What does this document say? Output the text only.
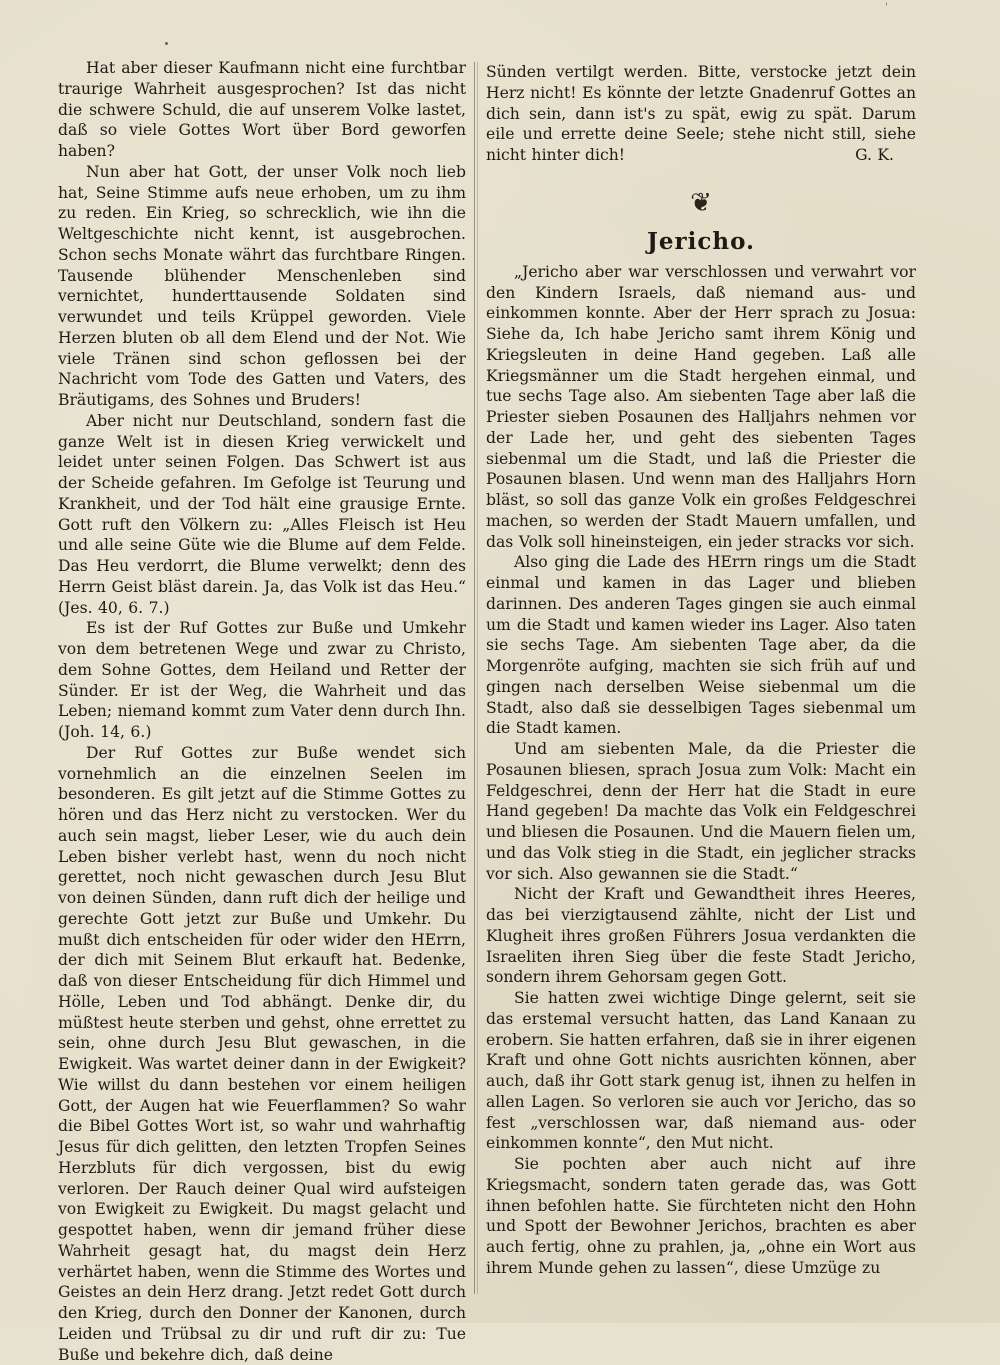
'

Hat aber dieser Kaufmann nicht eine furchtbar traurige Wahrheit ausgesprochen? Ist das nicht die schwere Schuld, die auf unserem Volke lastet, daß so viele Gottes Wort über Bord geworfen haben?

Nun aber hat Gott, der unser Volk noch lieb hat, Seine Stimme aufs neue erhoben, um zu ihm zu reden. Ein Krieg, so schrecklich, wie ihn die Weltgeschichte nicht kennt, ist ausgebrochen. Schon sechs Monate währt das furchtbare Ringen. Tausende blühender Menschenleben sind vernichtet, hunderttausende Soldaten sind verwundet und teils Krüppel geworden. Viele Herzen bluten ob all dem Elend und der Not. Wie viele Tränen sind schon geflossen bei der Nachricht vom Tode des Gatten und Vaters, des Bräutigams, des Sohnes und Bruders!

Aber nicht nur Deutschland, sondern fast die ganze Welt ist in diesen Krieg verwickelt und leidet unter seinen Folgen. Das Schwert ist aus der Scheide gefahren. Im Gefolge ist Teurung und Krankheit, und der Tod hält eine grausige Ernte. Gott ruft den Völkern zu: „Alles Fleisch ist Heu und alle seine Güte wie die Blume auf dem Felde. Das Heu verdorrt, die Blume verwelkt; denn des Herrn Geist bläst darein. Ja, das Volk ist das Heu.“ (Jes. 40, 6. 7.)

Es ist der Ruf Gottes zur Buße und Umkehr von dem betretenen Wege und zwar zu Christo, dem Sohne Gottes, dem Heiland und Retter der Sünder. Er ist der Weg, die Wahrheit und das Leben; niemand kommt zum Vater denn durch Ihn. (Joh. 14, 6.)

Der Ruf Gottes zur Buße wendet sich vornehmlich an die einzelnen Seelen im besonderen. Es gilt jetzt auf die Stimme Gottes zu hören und das Herz nicht zu verstocken. Wer du auch sein magst, lieber Leser, wie du auch dein Leben bisher verlebt hast, wenn du noch nicht gerettet, noch nicht gewaschen durch Jesu Blut von deinen Sünden, dann ruft dich der heilige und gerechte Gott jetzt zur Buße und Umkehr. Du mußt dich entscheiden für oder wider den HErrn, der dich mit Seinem Blut erkauft hat. Bedenke, daß von dieser Entscheidung für dich Himmel und Hölle, Leben und Tod abhängt. Denke dir, du müßtest heute sterben und gehst, ohne errettet zu sein, ohne durch Jesu Blut gewaschen, in die Ewigkeit. Was wartet deiner dann in der Ewigkeit? Wie willst du dann bestehen vor einem heiligen Gott, der Augen hat wie Feuerflammen? So wahr die Bibel Gottes Wort ist, so wahr und wahrhaftig Jesus für dich gelitten, den letzten Tropfen Seines Herzbluts für dich vergossen, bist du ewig verloren. Der Rauch deiner Qual wird aufsteigen von Ewigkeit zu Ewigkeit. Du magst gelacht und gespottet haben, wenn dir jemand früher diese Wahrheit gesagt hat, du magst dein Herz verhärtet haben, wenn die Stimme des Wortes und Geistes an dein Herz drang. Jetzt redet Gott durch den Krieg, durch den Donner der Kanonen, durch Leiden und Trübsal zu dir und ruft dir zu: Tue Buße und bekehre dich, daß deine

Sünden vertilgt werden. Bitte, verstocke jetzt dein Herz nicht! Es könnte der letzte Gnadenruf Gottes an dich sein, dann ist's zu spät, ewig zu spät. Darum eile und errette deine Seele; stehe nicht still, siehe nicht hinter dich!	G. K.
❦
Jericho.

„Jericho aber war verschlossen und verwahrt vor den Kindern Israels, daß niemand aus- und einkommen konnte. Aber der Herr sprach zu Josua: Siehe da, Ich habe Jericho samt ihrem König und Kriegsleuten in deine Hand gegeben. Laß alle Kriegsmänner um die Stadt hergehen einmal, und tue sechs Tage also. Am siebenten Tage aber laß die Priester sieben Posaunen des Halljahrs nehmen vor der Lade her, und geht des siebenten Tages siebenmal um die Stadt, und laß die Priester die Posaunen blasen. Und wenn man des Halljahrs Horn bläst, so soll das ganze Volk ein großes Feldgeschrei machen, so werden der Stadt Mauern umfallen, und das Volk soll hineinsteigen, ein jeder stracks vor sich.

Also ging die Lade des HErrn rings um die Stadt einmal und kamen in das Lager und blieben darinnen. Des anderen Tages gingen sie auch einmal um die Stadt und kamen wieder ins Lager. Also taten sie sechs Tage. Am siebenten Tage aber, da die Morgenröte aufging, machten sie sich früh auf und gingen nach derselben Weise siebenmal um die Stadt, also daß sie desselbigen Tages siebenmal um die Stadt kamen.

Und am siebenten Male, da die Priester die Posaunen bliesen, sprach Josua zum Volk: Macht ein Feldgeschrei, denn der Herr hat die Stadt in eure Hand gegeben! Da machte das Volk ein Feldgeschrei und bliesen die Posaunen. Und die Mauern fielen um, und das Volk stieg in die Stadt, ein jeglicher stracks vor sich. Also gewannen sie die Stadt.“

Nicht der Kraft und Gewandtheit ihres Heeres, das bei vierzigtausend zählte, nicht der List und Klugheit ihres großen Führers Josua verdankten die Israeliten ihren Sieg über die feste Stadt Jericho, sondern ihrem Gehorsam gegen Gott.

Sie hatten zwei wichtige Dinge gelernt, seit sie das erstemal versucht hatten, das Land Kanaan zu erobern. Sie hatten erfahren, daß sie in ihrer eigenen Kraft und ohne Gott nichts ausrichten können, aber auch, daß ihr Gott stark genug ist, ihnen zu helfen in allen Lagen. So verloren sie auch vor Jericho, das so fest „verschlossen war, daß niemand aus- oder einkommen konnte“, den Mut nicht.

Sie pochten aber auch nicht auf ihre Kriegsmacht, sondern taten gerade das, was Gott ihnen befohlen hatte. Sie fürchteten nicht den Hohn und Spott der Bewohner Jerichos, brachten es aber auch fertig, ohne zu prahlen, ja, „ohne ein Wort aus ihrem Munde gehen zu lassen“, diese Umzüge zu
